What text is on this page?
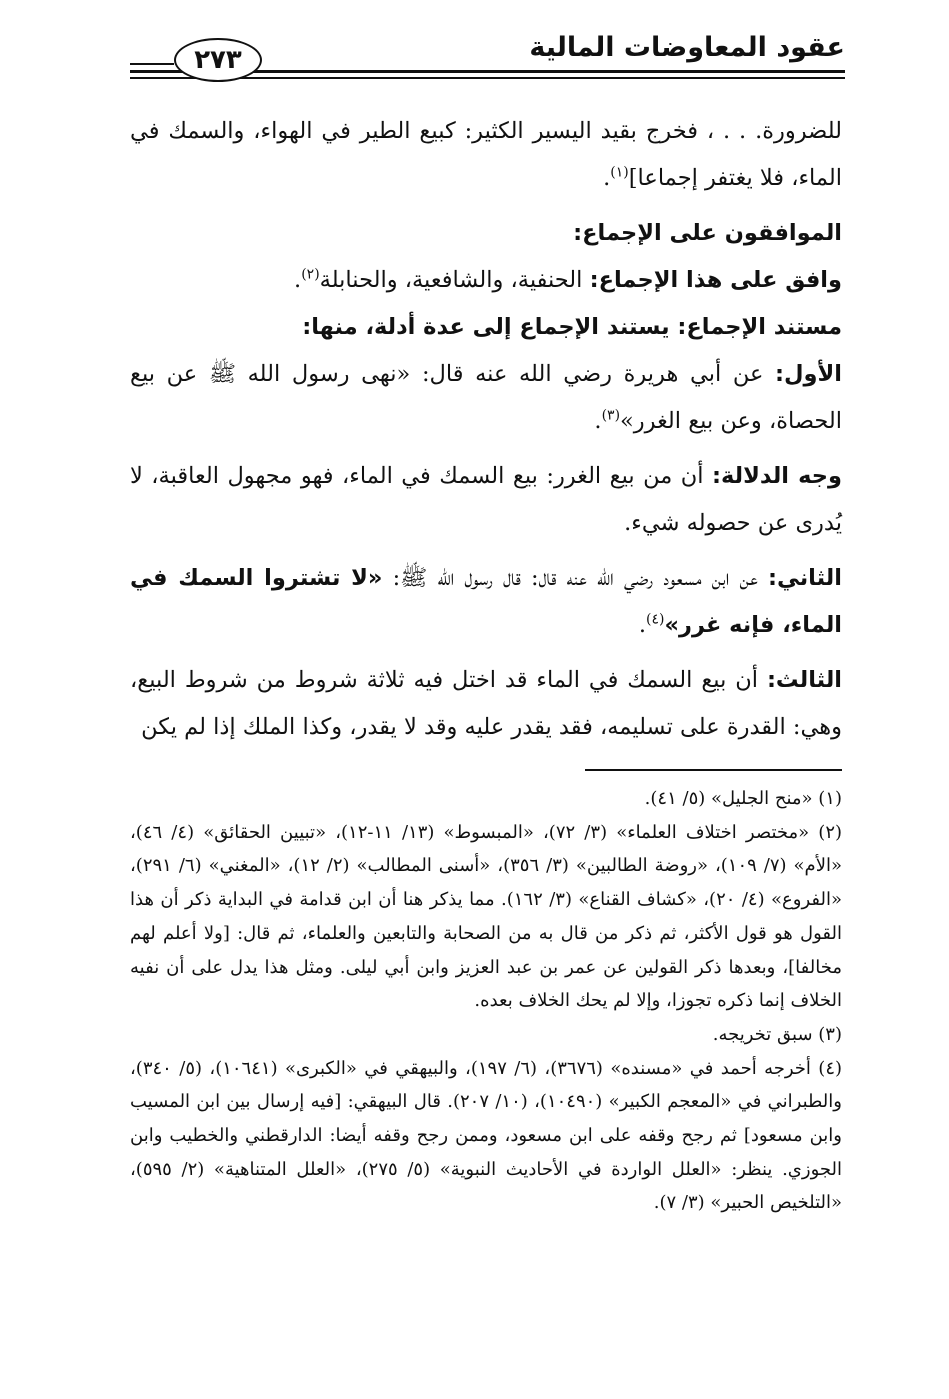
عقود المعاوضات المالية
٢٧٣

للضرورة. . . ، فخرج بقيد اليسير الكثير: كبيع الطير في الهواء، والسمك في الماء، فلا يغتفر إجماعا]$^{(١)}$.

الموافقون على الإجماع:

وافق على هذا الإجماع: الحنفية، والشافعية، والحنابلة$^{(٢)}$.

مستند الإجماع: يستند الإجماع إلى عدة أدلة، منها:

الأول: عن أبي هريرة رضي الله عنه قال: «نهى رسول الله ﷺ عن بيع الحصاة، وعن بيع الغرر»$^{(٣)}$.

وجه الدلالة: أن من بيع الغرر: بيع السمك في الماء، فهو مجهول العاقبة، لا يُدرى عن حصوله شيء.

الثاني: عن ابن مسعود رضي الله عنه قال: قال رسول الله ﷺ: «لا تشتروا السمك في الماء، فإنه غرر»$^{(٤)}$.

الثالث: أن بيع السمك في الماء قد اختل فيه ثلاثة شروط من شروط البيع، وهي: القدرة على تسليمه، فقد يقدر عليه وقد لا يقدر، وكذا الملك إذا لم يكن

(١) «منح الجليل» (٥/ ٤١).

(٢) «مختصر اختلاف العلماء» (٣/ ٧٢)، «المبسوط» (١٣/ ١١-١٢)، «تبيين الحقائق» (٤/ ٤٦)، «الأم» (٧/ ١٠٩)، «روضة الطالبين» (٣/ ٣٥٦)، «أسنى المطالب» (٢/ ١٢)، «المغني» (٦/ ٢٩١)، «الفروع» (٤/ ٢٠)، «كشاف القناع» (٣/ ١٦٢). مما يذكر هنا أن ابن قدامة في البداية ذكر أن هذا القول هو قول الأكثر، ثم ذكر من قال به من الصحابة والتابعين والعلماء، ثم قال: [ولا أعلم لهم مخالفا]، وبعدها ذكر القولين عن عمر بن عبد العزيز وابن أبي ليلى. ومثل هذا يدل على أن نفيه الخلاف إنما ذكره تجوزا، وإلا لم يحك الخلاف بعده.

(٣) سبق تخريجه.

(٤) أخرجه أحمد في «مسنده» (٣٦٧٦)، (٦/ ١٩٧)، والبيهقي في «الكبرى» (١٠٦٤١)، (٥/ ٣٤٠)، والطبراني في «المعجم الكبير» (١٠٤٩٠)، (١٠/ ٢٠٧). قال البيهقي: [فيه إرسال بين ابن المسيب وابن مسعود] ثم رجح وقفه على ابن مسعود، وممن رجح وقفه أيضا: الدارقطني والخطيب وابن الجوزي. ينظر: «العلل الواردة في الأحاديث النبوية» (٥/ ٢٧٥)، «العلل المتناهية» (٢/ ٥٩٥)، «التلخيص الحبير» (٣/ ٧).
